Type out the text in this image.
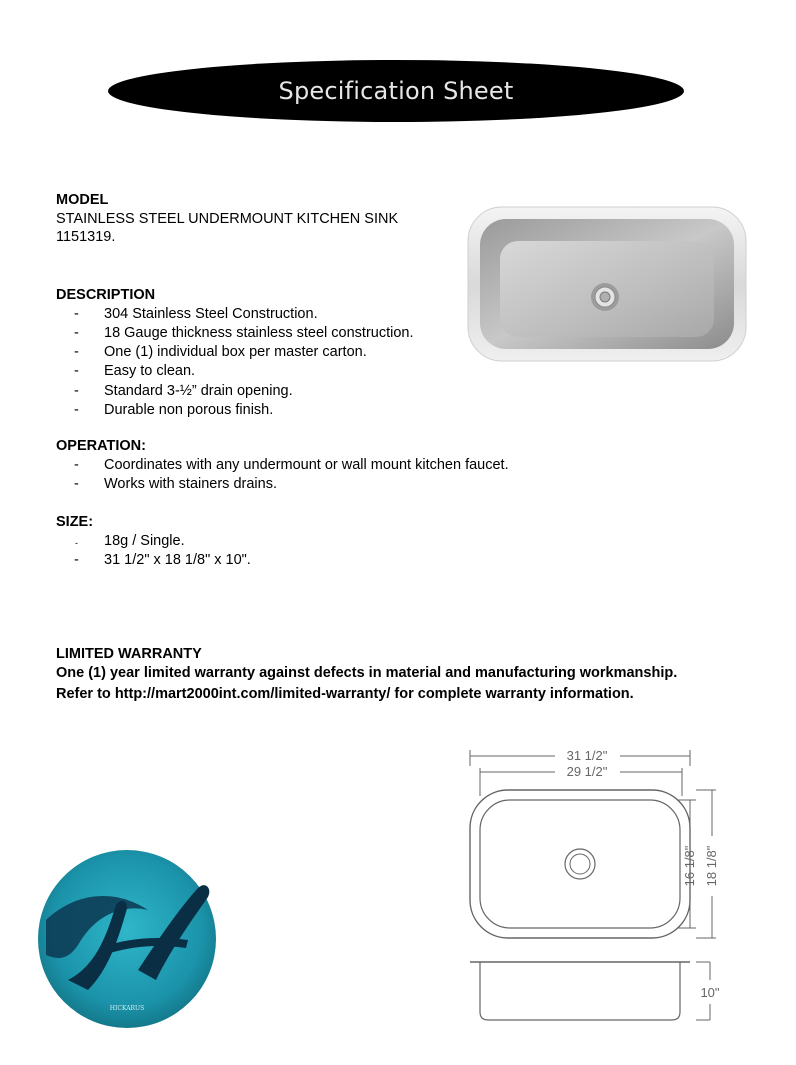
Specification Sheet

MODEL

STAINLESS STEEL UNDERMOUNT KITCHEN SINK

1151319.

DESCRIPTION

- 304 Stainless Steel Construction.
- 18 Gauge thickness stainless steel construction.
- One (1) individual box per master carton.
- Easy to clean.
- Standard 3-½” drain opening.
- Durable non porous finish.

OPERATION:

- Coordinates with any undermount or wall mount kitchen faucet.
- Works with stainers drains.

SIZE:

- 18g / Single.
- 31 1/2" x 18 1/8" x 10".

LIMITED WARRANTY

One (1) year limited warranty against defects in material and manufacturing workmanship.

Refer to http://mart2000int.com/limited-warranty/ for complete warranty information.

HICKARUS
31 1/2"
29 1/2"
16 1/8" 18 1/8"
10"
